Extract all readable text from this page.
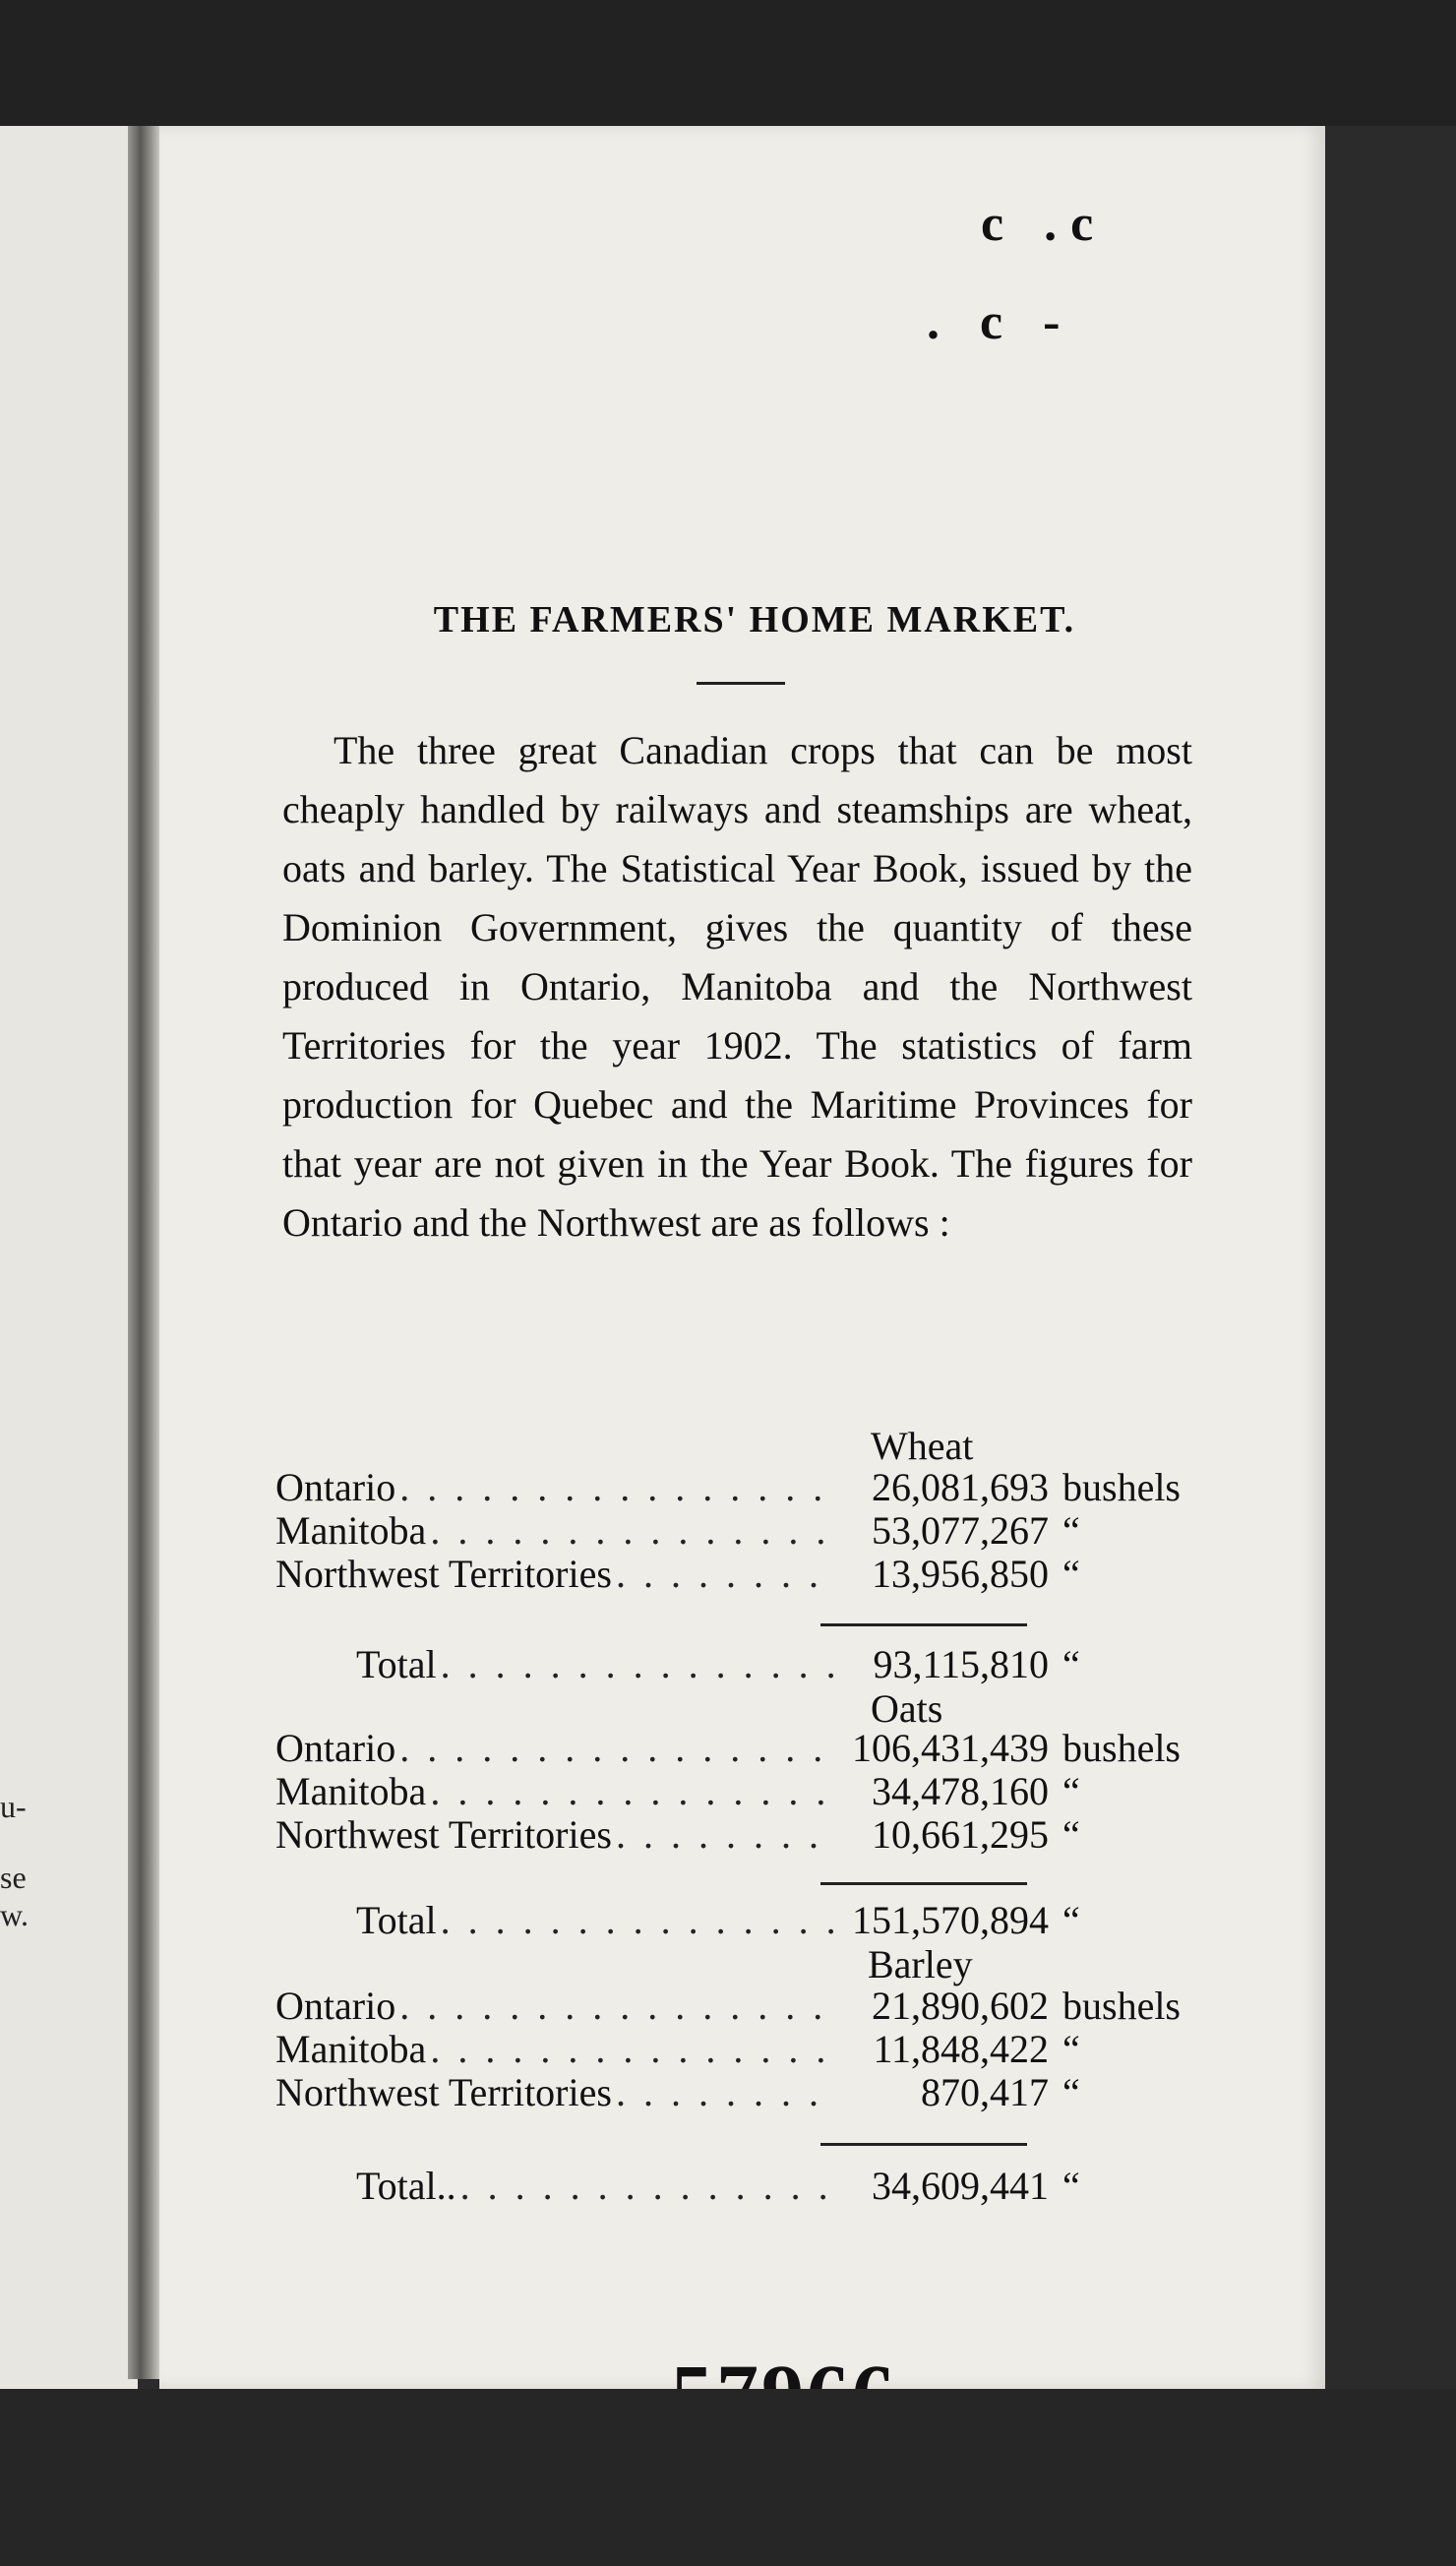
u-
se
w.
c .c
. c -
THE FARMERS' HOME MARKET.
The three great Canadian crops that can be most cheaply handled by railways and steamships are wheat, oats and barley. The Statistical Year Book, issued by the Dominion Government, gives the quantity of these produced in Ontario, Manitoba and the Northwest Territories for the year 1902. The statistics of farm production for Quebec and the Maritime Provinces for that year are not given in the Year Book. The figures for Ontario and the Northwest are as follows :
Wheat
Ontario . . .	26,081,693 bushels
Manitoba . . .	53,077,267 “
Northwest Territories . . .	13,956,850 “
Total . . .	93,115,810 “
Oats
Ontario . . .	106,431,439 bushels
Manitoba . . .	34,478,160 “
Northwest Territories . . .	10,661,295 “
Total . . .	151,570,894 “
Barley
Ontario . . .	21,890,602 bushels
Manitoba . . .	11,848,422 “
Northwest Territories . . .	870,417 “
Total.. . . .	34,609,441 “
